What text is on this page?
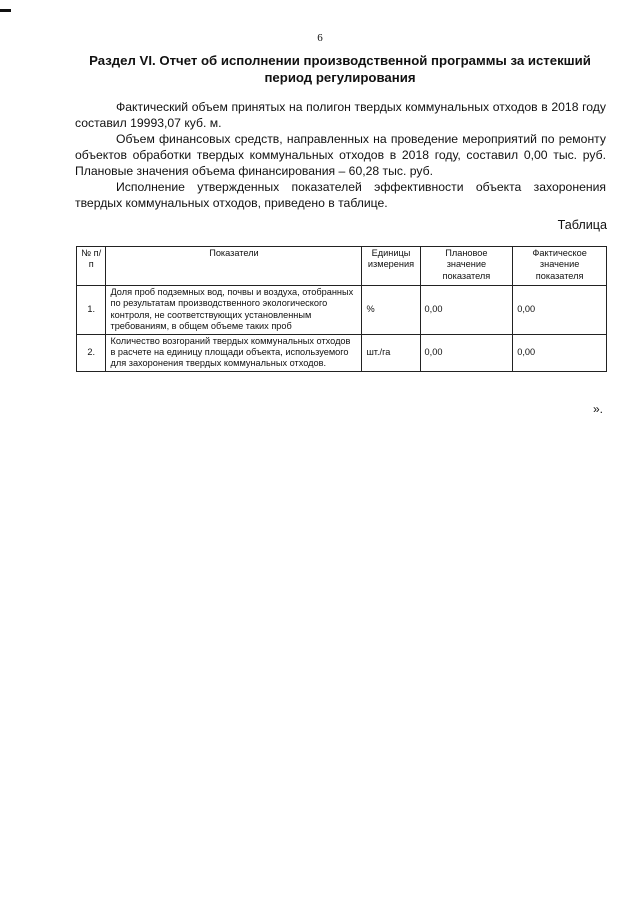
6
Раздел VI. Отчет об исполнении производственной программы за истекший
период регулирования

Фактический объем принятых на полигон твердых коммунальных отходов в 2018 году составил 19993,07 куб. м.

Объем финансовых средств, направленных на проведение мероприятий по ремонту объектов обработки твердых коммунальных отходов в 2018 году, составил 0,00 тыс. руб. Плановые значения объема финансирования – 60,28 тыс. руб.

Исполнение утвержденных показателей эффективности объекта захоронения твердых коммунальных отходов, приведено в таблице.

Таблица
№ п/п	Показатели	Единицы измерения	Плановое значение показателя	Фактическое значение показателя
1.	Доля проб подземных вод, почвы и воздуха, отобранных по результатам производственного экологического контроля, не соответствующих установленным требованиям, в общем объеме таких проб	%	0,00	0,00
2.	Количество возгораний твердых коммунальных отходов в расчете на единицу площади объекта, используемого для захоронения твердых коммунальных отходов.	шт./га	0,00	0,00
».
